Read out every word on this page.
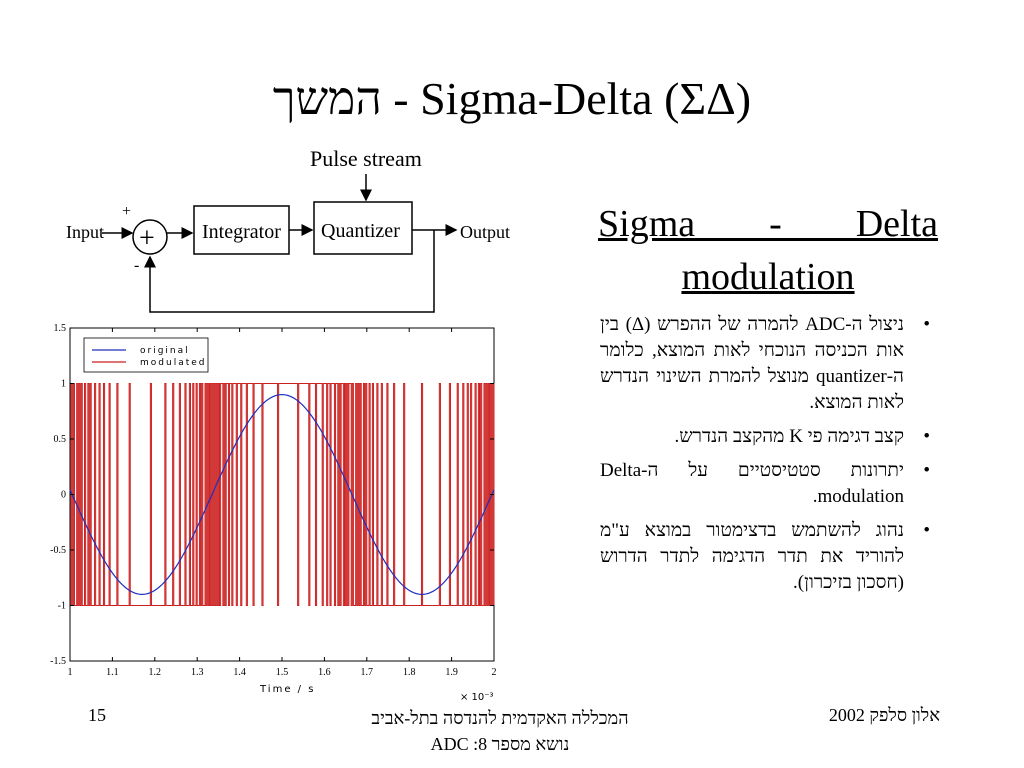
המשך - Sigma-Delta (ΣΔ)
Pulse stream
Input
+
-
+ Integrator Quantizer	Output
1	1.1	1.2	1.3	1.4	1.5	1.6	1.7	1.8	1.9	2
1.5
1
0.5
0
-0.5
-1
-1.5
original
modulated
Time / s
× 10⁻³
Sigma - Delta
modulation
• ניצול ה-ADC להמרה של ההפרש (Δ) בין אות הכניסה הנוכחי לאות המוצא, כלומר ה-quantizer מנוצל להמרת השינוי הנדרש לאות המוצא.
• קצב דגימה פי K מהקצב הנדרש.
• יתרונות סטטיסטיים על ה-Delta modulation.
• נהוג להשתמש בדצימטור במוצא ע"מ להוריד את תדר הדגימה לתדר הדרוש (חסכון בזיכרון).
15	המכללה האקדמית להנדסה בתל-אביב
נושא מספר 8: ADC
אלון סלפק 2002
